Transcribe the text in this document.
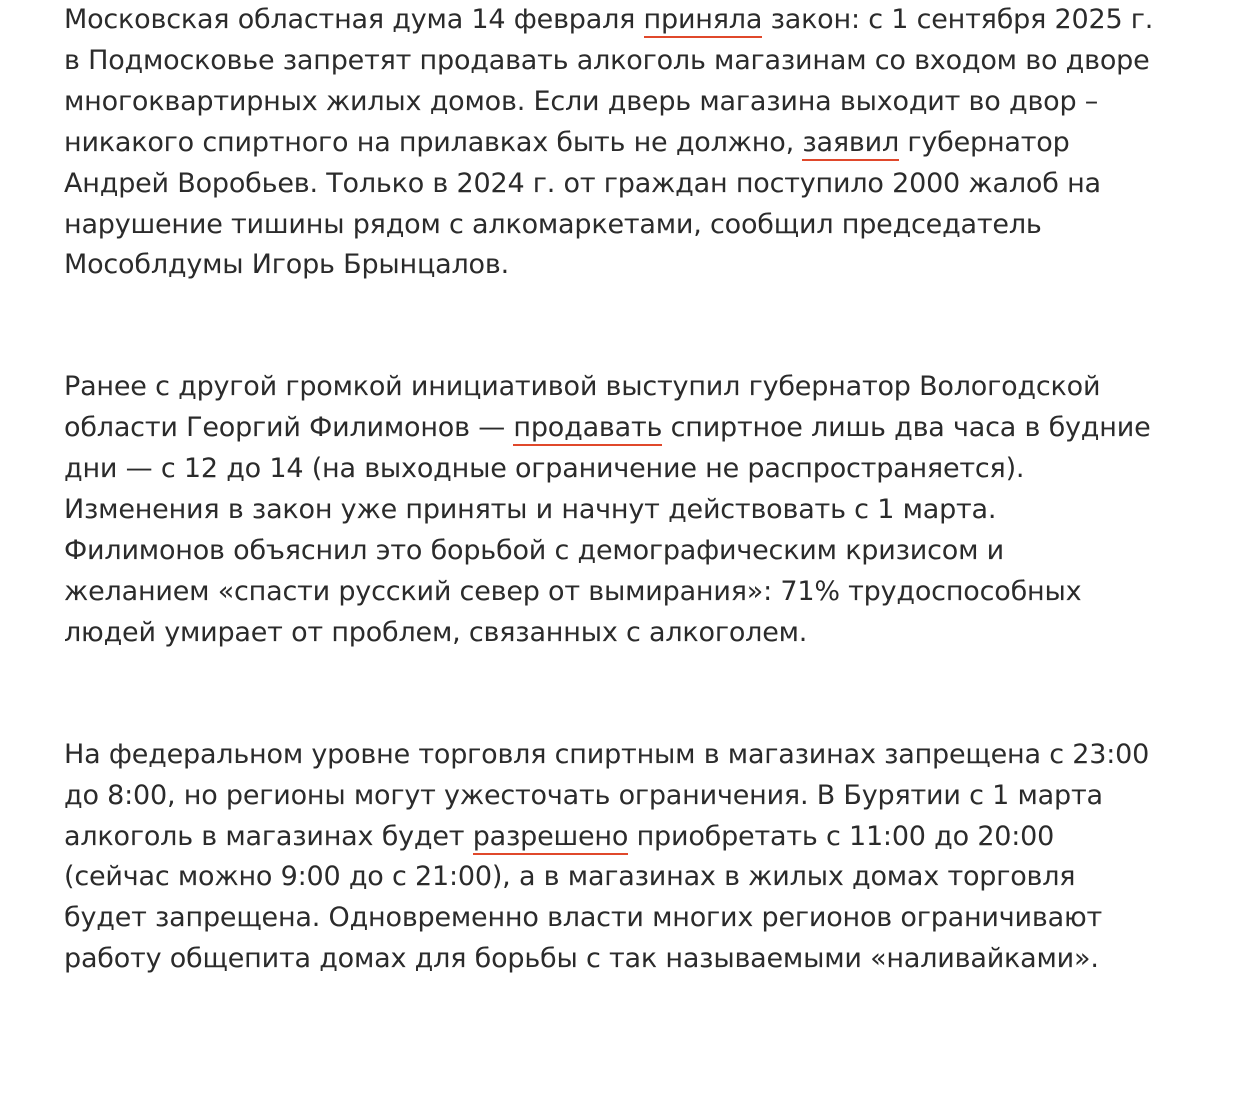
Московская областная дума 14 февраля приняла закон: с 1 сентября 2025 г. в Подмосковье запретят продавать алкоголь магазинам со входом во дворе многоквартирных жилых домов. Если дверь магазина выходит во двор – никакого спиртного на прилавках быть не должно, заявил губернатор Андрей Воробьев. Только в 2024 г. от граждан поступило 2000 жалоб на нарушение тишины рядом с алкомаркетами, сообщил председатель Мособлдумы Игорь Брынцалов.

Ранее с другой громкой инициативой выступил губернатор Вологодской области Георгий Филимонов — продавать спиртное лишь два часа в будние дни — с 12 до 14 (на выходные ограничение не распространяется). Изменения в закон уже приняты и начнут действовать с 1 марта. Филимонов объяснил это борьбой с демографическим кризисом и желанием «спасти русский север от вымирания»: 71% трудоспособных людей умирает от проблем, связанных с алкоголем.

На федеральном уровне торговля спиртным в магазинах запрещена с 23:00 до 8:00, но регионы могут ужесточать ограничения. В Бурятии с 1 марта алкоголь в магазинах будет разрешено приобретать с 11:00 до 20:00 (сейчас можно 9:00 до с 21:00), а в магазинах в жилых домах торговля будет запрещена. Одновременно власти многих регионов ограничивают работу общепита домах для борьбы с так называемыми «наливайками».
